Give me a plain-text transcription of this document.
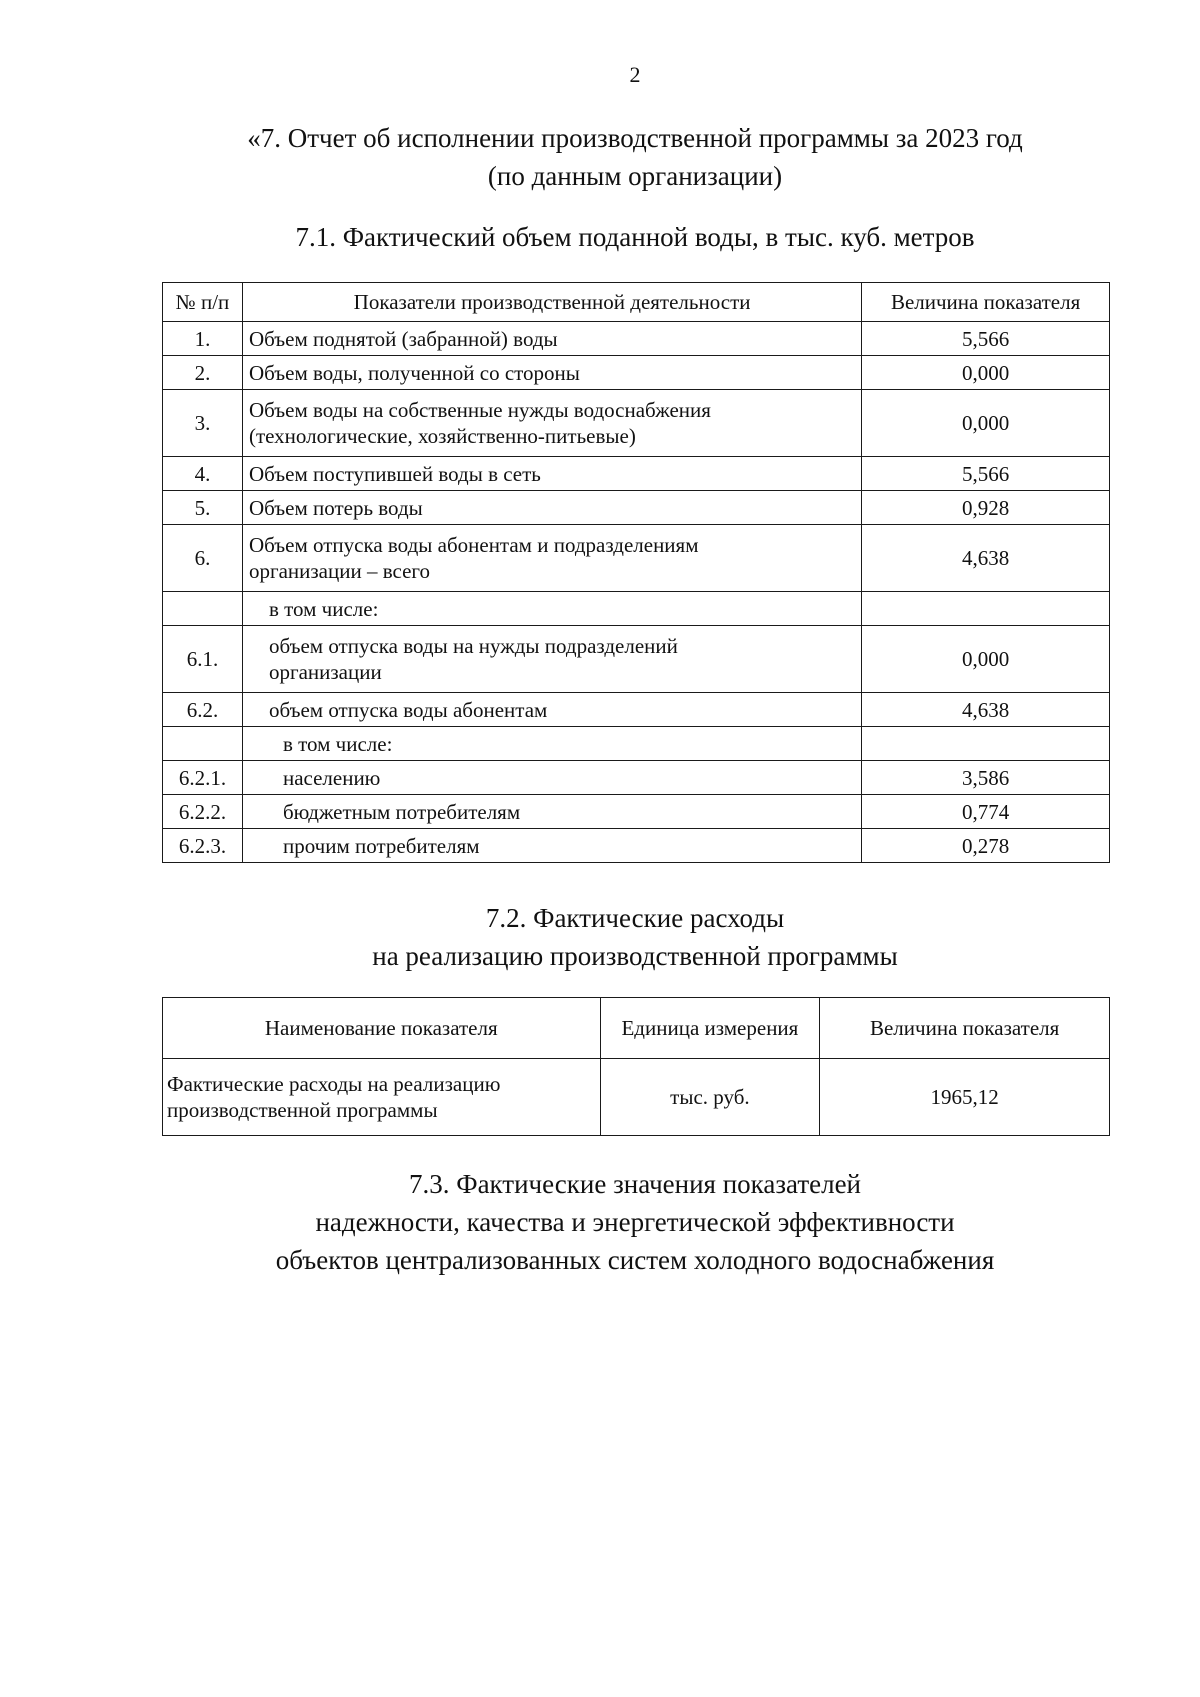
2
«7. Отчет об исполнении производственной программы за 2023 год
(по данным организации)
7.1. Фактический объем поданной воды, в тыс. куб. метров
№ п/п	Показатели производственной деятельности	Величина показателя
1.	Объем поднятой (забранной) воды	5,566
2.	Объем воды, полученной со стороны	0,000
3.	Объем воды на собственные нужды водоснабжения
(технологические, хозяйственно-питьевые)	0,000
4.	Объем поступившей воды в сеть	5,566
5.	Объем потерь воды	0,928
6.	Объем отпуска воды абонентам и подразделениям
организации – всего	4,638
	в том числе:	
6.1.	объем отпуска воды на нужды подразделений
организации	0,000
6.2.	объем отпуска воды абонентам	4,638
	в том числе:	
6.2.1.	населению	3,586
6.2.2.	бюджетным потребителям	0,774
6.2.3.	прочим потребителям	0,278
7.2. Фактические расходы
на реализацию производственной программы
Наименование показателя	Единица измерения	Величина показателя

Фактические расходы на реализацию
производственной программы	тыс. руб.	1965,12
7.3. Фактические значения показателей
надежности, качества и энергетической эффективности
объектов централизованных систем холодного водоснабжения
